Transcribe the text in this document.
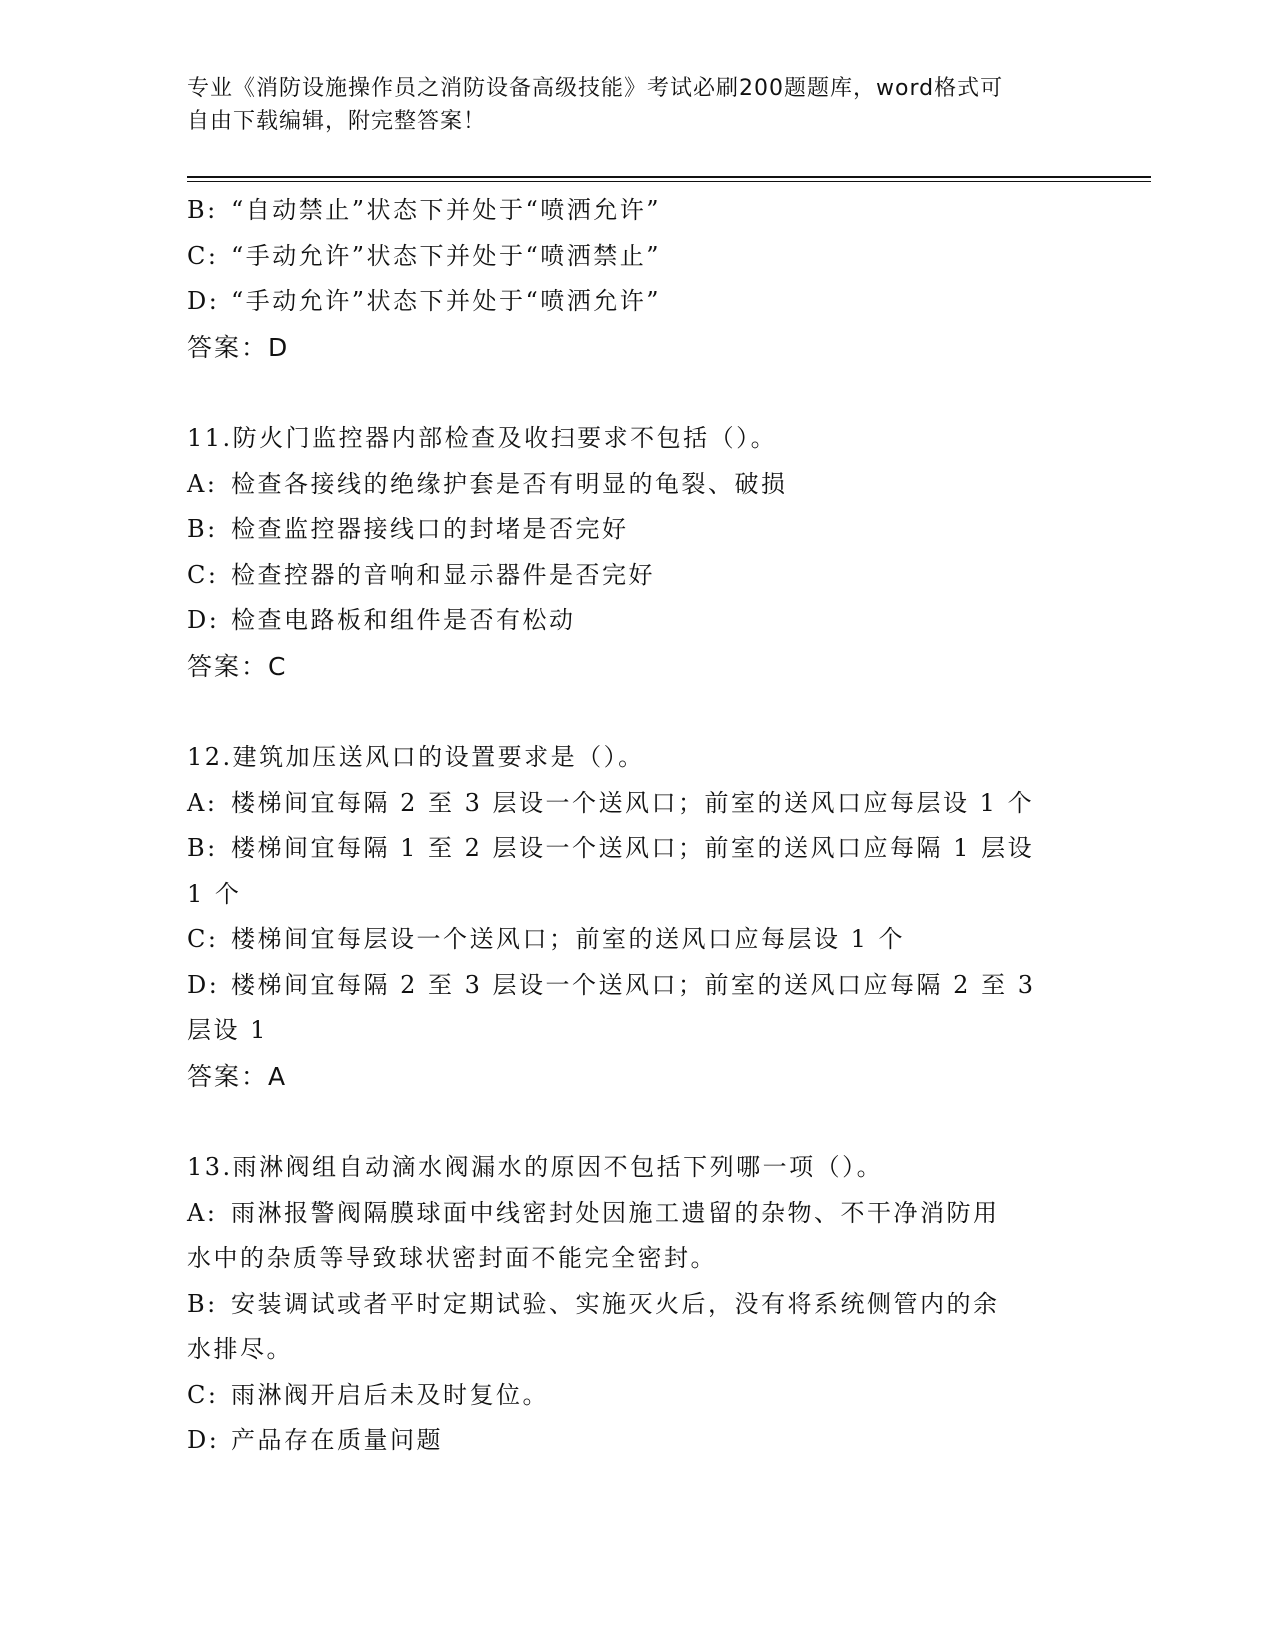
专业《消防设施操作员之消防设备高级技能》考试必刷200题题库，word格式可
自由下载编辑，附完整答案！
B: “自动禁止”状态下并处于“喷洒允许”
C: “手动允许”状态下并处于“喷洒禁止”
D: “手动允许”状态下并处于“喷洒允许”
答案：D
11.防火门监控器内部检查及收扫要求不包括（）。
A: 检查各接线的绝缘护套是否有明显的龟裂、破损
B: 检查监控器接线口的封堵是否完好
C: 检查控器的音响和显示器件是否完好
D: 检查电路板和组件是否有松动
答案：C
12.建筑加压送风口的设置要求是（）。
A: 楼梯间宜每隔 2 至 3 层设一个送风口；前室的送风口应每层设 1 个
B: 楼梯间宜每隔 1 至 2 层设一个送风口；前室的送风口应每隔 1 层设
1 个
C: 楼梯间宜每层设一个送风口；前室的送风口应每层设 1 个
D: 楼梯间宜每隔 2 至 3 层设一个送风口；前室的送风口应每隔 2 至 3
层设 1
答案：A
13.雨淋阀组自动滴水阀漏水的原因不包括下列哪一项（）。
A: 雨淋报警阀隔膜球面中线密封处因施工遗留的杂物、不干净消防用
水中的杂质等导致球状密封面不能完全密封。
B: 安装调试或者平时定期试验、实施灭火后，没有将系统侧管内的余
水排尽。
C: 雨淋阀开启后未及时复位。
D: 产品存在质量问题
